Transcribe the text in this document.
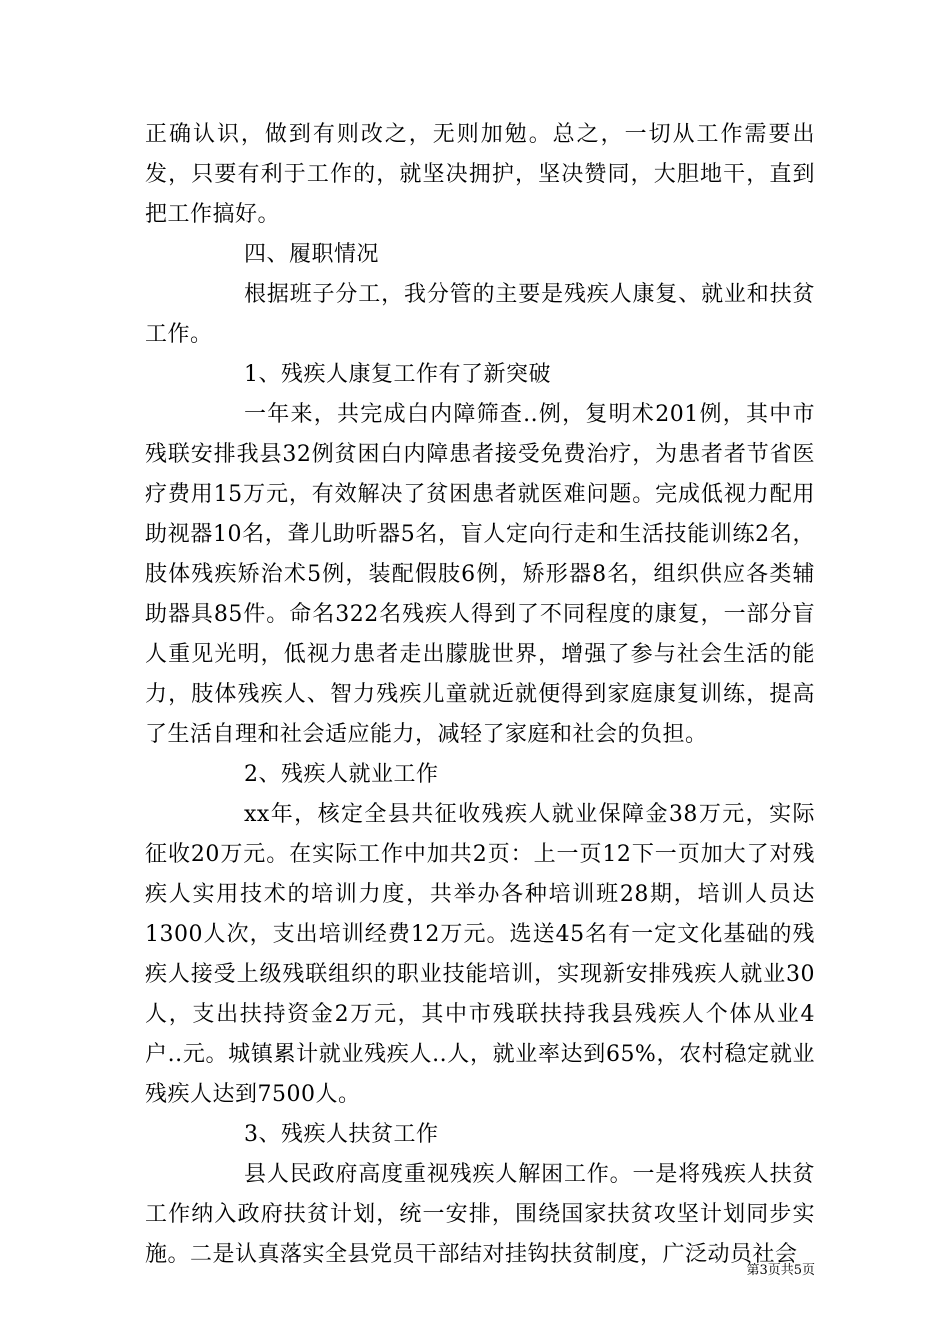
正确认识，做到有则改之，无则加勉。总之，一切从工作需要出发，只要有利于工作的，就坚决拥护，坚决赞同，大胆地干，直到把工作搞好。

四、履职情况

根据班子分工，我分管的主要是残疾人康复、就业和扶贫工作。

1、残疾人康复工作有了新突破

一年来，共完成白内障筛查..例，复明术201例，其中市残联安排我县32例贫困白内障患者接受免费治疗，为患者者节省医疗费用15万元，有效解决了贫困患者就医难问题。完成低视力配用助视器10名，聋儿助听器5名，盲人定向行走和生活技能训练2名，肢体残疾矫治术5例，装配假肢6例，矫形器8名，组织供应各类辅助器具85件。命名322名残疾人得到了不同程度的康复，一部分盲人重见光明，低视力患者走出朦胧世界，增强了参与社会生活的能力，肢体残疾人、智力残疾儿童就近就便得到家庭康复训练，提高了生活自理和社会适应能力，减轻了家庭和社会的负担。

2、残疾人就业工作

xx年，核定全县共征收残疾人就业保障金38万元，实际征收20万元。在实际工作中加共2页：上一页12下一页加大了对残疾人实用技术的培训力度，共举办各种培训班28期，培训人员达1300人次，支出培训经费12万元。选送45名有一定文化基础的残疾人接受上级残联组织的职业技能培训，实现新安排残疾人就业30人，支出扶持资金2万元，其中市残联扶持我县残疾人个体从业4户..元。城镇累计就业残疾人..人，就业率达到65%，农村稳定就业残疾人达到7500人。

3、残疾人扶贫工作

县人民政府高度重视残疾人解困工作。一是将残疾人扶贫工作纳入政府扶贫计划，统一安排，围绕国家扶贫攻坚计划同步实施。二是认真落实全县党员干部结对挂钩扶贫制度，广泛动员社会

第3页共5页
